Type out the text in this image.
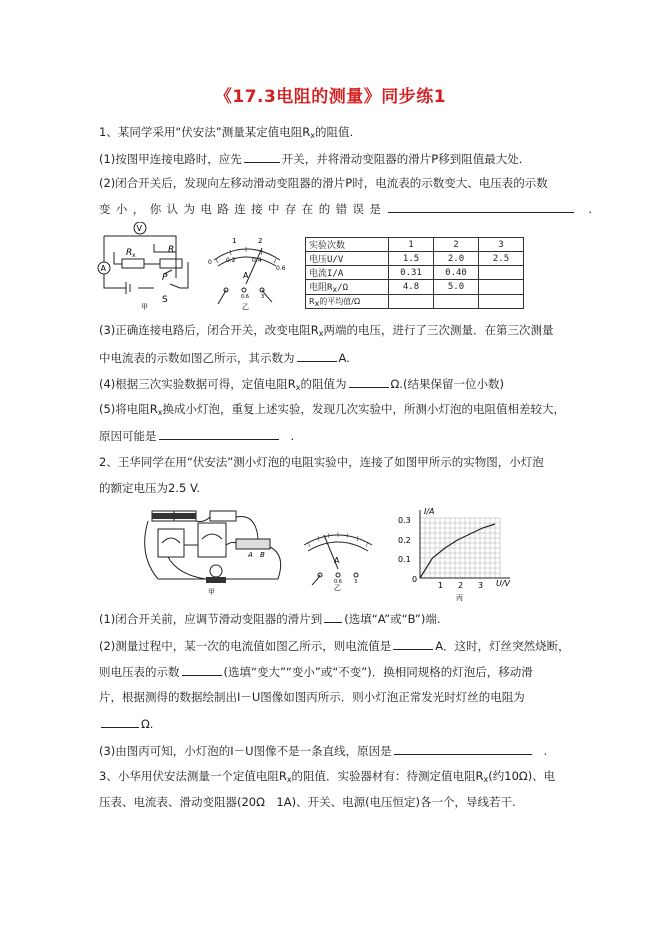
《17.3电阻的测量》同步练1
1、某同学采用“伏安法”测量某定值电阻$R_x$的阻值.
(1)按图甲连接电路时，应先	开关，并将滑动变阻器的滑片P移到阻值最大处.
(2)闭合开关后，发现向左移动滑动变阻器的滑片P时，电流表的示数变大、电压表的示数
变小，你认为电路连接中存在的错误是	.
V
A
R x
R
P
S
甲
1	2
0 0.2	0.4
0.6
A
0.6 3
乙
实验次数	1	2	3
电压U/V	1.5	2.0	2.5
电流I/A	0.31	0.40	
电阻Rx/Ω	4.8	5.0	
Rx的平均值/Ω			
(3)正确连接电路后，闭合开关，改变电阻$R_x$两端的电压，进行了三次测量．在第三次测量
中电流表的示数如图乙所示，其示数为	A.
(4)根据三次实验数据可得，定值电阻$R_x$的阻值为	Ω.(结果保留一位小数)
(5)将电阻$R_x$换成小灯泡，重复上述实验，发现几次实验中，所测小灯泡的电阻值相差较大，
原因可能是	.
2、王华同学在用“伏安法”测小灯泡的电阻实验中，连接了如图甲所示的实物图，小灯泡
的额定电压为2.5 V.
A B
甲
A
0.6 3
乙
I/A
U/V
0.3
0.2
0.1
0
1 2 3
丙
(1)闭合开关前，应调节滑动变阻器的滑片到 (选填“A”或“B”)端.
(2)测量过程中，某一次的电流值如图乙所示，则电流值是	A．这时，灯丝突然烧断，
则电压表的示数	(选填“变大”“变小”或“不变”)．换相同规格的灯泡后，移动滑
片，根据测得的数据绘制出I－U图像如图丙所示．则小灯泡正常发光时灯丝的电阻为
Ω.
(3)由图丙可知，小灯泡的I－U图像不是一条直线，原因是	.
3、小华用伏安法测量一个定值电阻$R_x$的阻值．实验器材有：待测定值电阻$R_x$(约10Ω)、电
压表、电流表、滑动变阻器(20Ω　1A)、开关、电源(电压恒定)各一个，导线若干.
